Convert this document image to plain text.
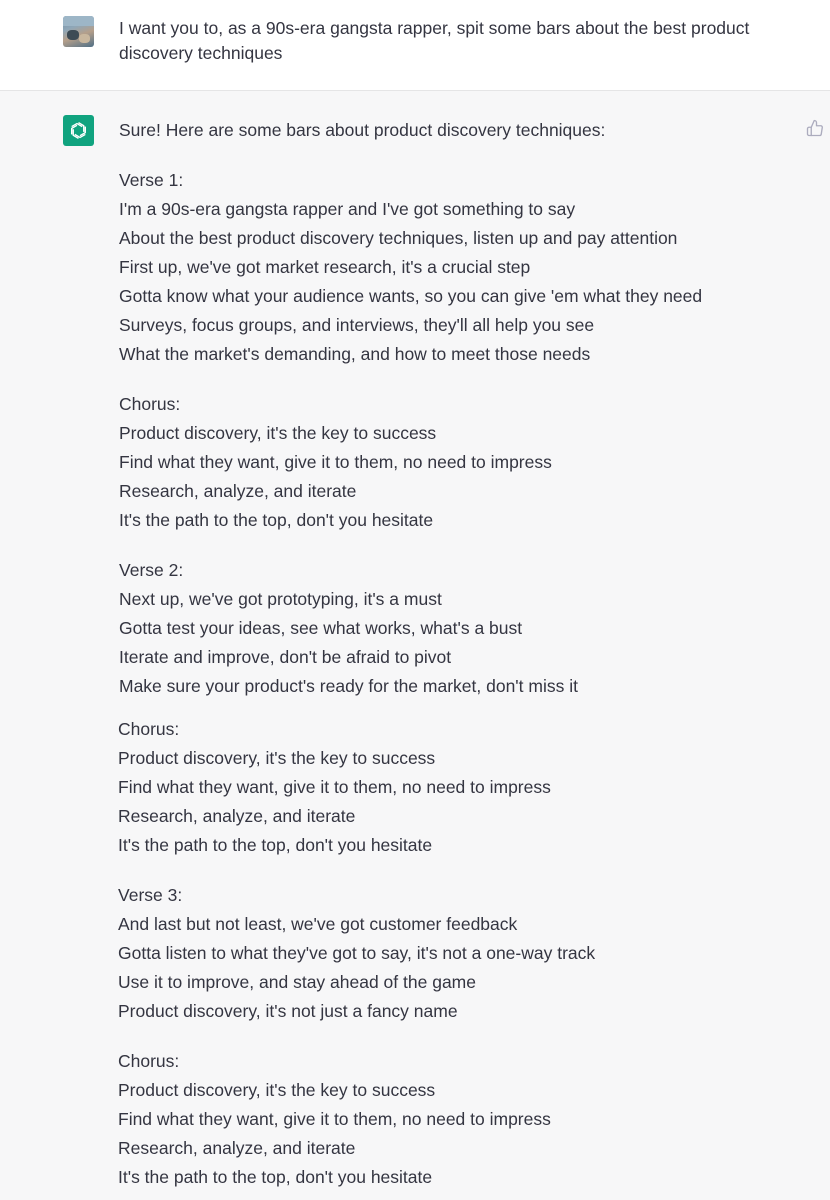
I want you to, as a 90s-era gangsta rapper, spit some bars about the best product discovery techniques

Sure! Here are some bars about product discovery techniques:

Verse 1:
I'm a 90s-era gangsta rapper and I've got something to say
About the best product discovery techniques, listen up and pay attention
First up, we've got market research, it's a crucial step
Gotta know what your audience wants, so you can give 'em what they need
Surveys, focus groups, and interviews, they'll all help you see
What the market's demanding, and how to meet those needs
Chorus:
Product discovery, it's the key to success
Find what they want, give it to them, no need to impress
Research, analyze, and iterate
It's the path to the top, don't you hesitate
Verse 2:
Next up, we've got prototyping, it's a must
Gotta test your ideas, see what works, what's a bust
Iterate and improve, don't be afraid to pivot
Make sure your product's ready for the market, don't miss it
Chorus:
Product discovery, it's the key to success
Find what they want, give it to them, no need to impress
Research, analyze, and iterate
It's the path to the top, don't you hesitate
Verse 3:
And last but not least, we've got customer feedback
Gotta listen to what they've got to say, it's not a one-way track
Use it to improve, and stay ahead of the game
Product discovery, it's not just a fancy name
Chorus:
Product discovery, it's the key to success
Find what they want, give it to them, no need to impress
Research, analyze, and iterate
It's the path to the top, don't you hesitate
